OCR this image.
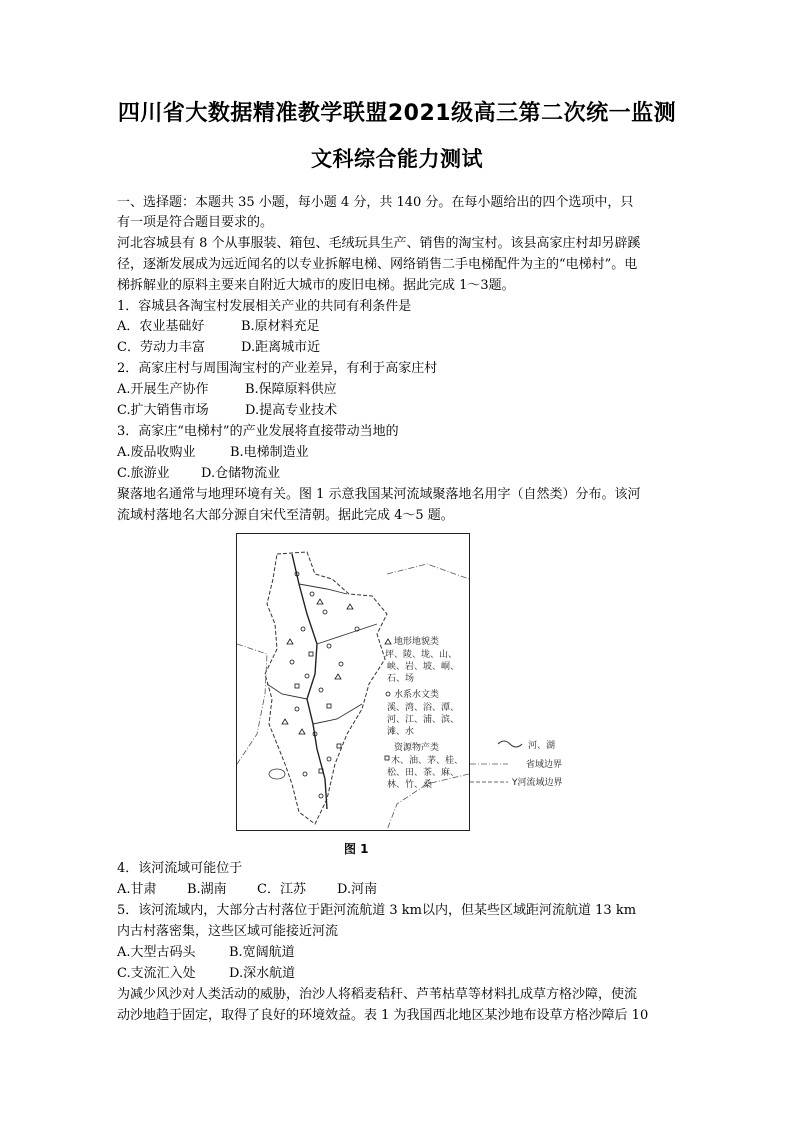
四川省大数据精准教学联盟2021级高三第二次统一监测
文科综合能力测试
一、选择题：本题共 35 小题，每小题 4 分，共 140 分。在每小题给出的四个选项中，只
有一项是符合题目要求的。
河北容城县有 8 个从事服装、箱包、毛绒玩具生产、销售的淘宝村。该县高家庄村却另辟蹊
径，逐渐发展成为远近闻名的以专业拆解电梯、网络销售二手电梯配件为主的“电梯村”。电
梯拆解业的原料主要来自附近大城市的废旧电梯。据此完成 1～3题。
1．容城县各淘宝村发展相关产业的共同有利条件是
A．农业基础好	B.原材料充足
C．劳动力丰富	D.距离城市近
2．高家庄村与周围淘宝村的产业差异，有利于高家庄村
A.开展生产协作	B.保障原料供应
C.扩大销售市场	D.提高专业技术
3．高家庄“电梯村”的产业发展将直接带动当地的
A.废品收购业	B.电梯制造业
C.旅游业 D.仓储物流业
聚落地名通常与地理环境有关。图 1 示意我国某河流域聚落地名用字（自然类）分布。该河
流域村落地名大部分源自宋代至清朝。据此完成 4～5 题。
地形地貌类
坪、陵、垅、山、
峡、岩、坡、峒、
石、场
水系水文类
溪、湾、浴、潭、
河、江、浦、滨、
滩、水
资源物产类
木、油、茅、桂、
松、田、茶、麻、
林、竹、桑
河、湖
省域边界
Y河流域边界
图 1
4．该河流域可能位于
A.甘肃 B.湖南 C．江苏 D.河南
5．该河流域内，大部分古村落位于距河流航道 3 km以内，但某些区域距河流航道 13 km
内古村落密集，这些区域可能接近河流
A.大型古码头	B.宽阔航道
C.支流汇入处	D.深水航道
为减少风沙对人类活动的威胁，治沙人将稻麦秸秆、芦苇枯草等材料扎成草方格沙障，使流
动沙地趋于固定，取得了良好的环境效益。表 1 为我国西北地区某沙地布设草方格沙障后 10
